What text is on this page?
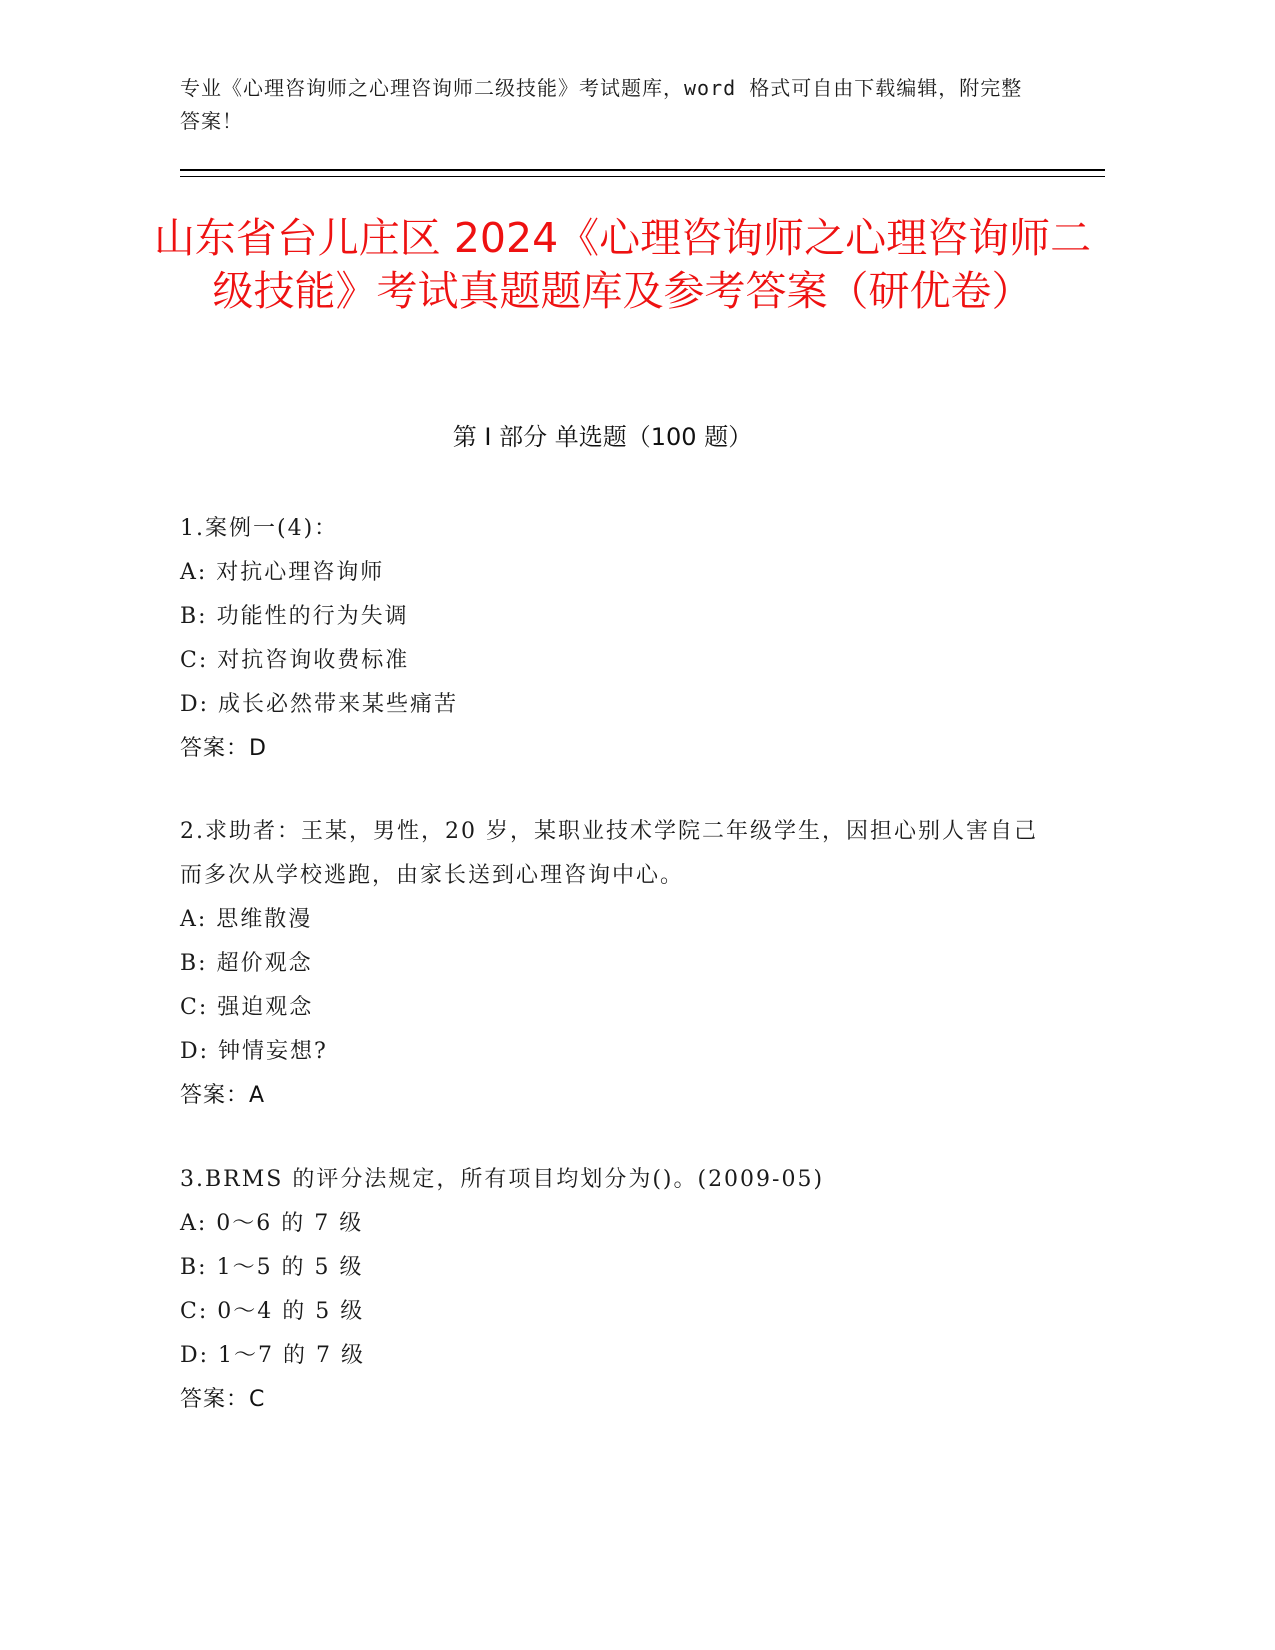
专业《心理咨询师之心理咨询师二级技能》考试题库，word 格式可自由下载编辑，附完整答案！
山东省台儿庄区 2024《心理咨询师之心理咨询师二级技能》考试真题题库及参考答案（研优卷）
第 I 部分 单选题（100 题）
1.案例一(4)：
A: 对抗心理咨询师
B: 功能性的行为失调
C: 对抗咨询收费标准
D: 成长必然带来某些痛苦
答案：D
2.求助者：王某，男性，20 岁，某职业技术学院二年级学生，因担心别人害自己而多次从学校逃跑，由家长送到心理咨询中心。
A: 思维散漫
B: 超价观念
C: 强迫观念
D: 钟情妄想?
答案：A
3.BRMS 的评分法规定，所有项目均划分为()。(2009-05)
A: 0～6 的 7 级
B: 1～5 的 5 级
C: 0～4 的 5 级
D: 1～7 的 7 级
答案：C
